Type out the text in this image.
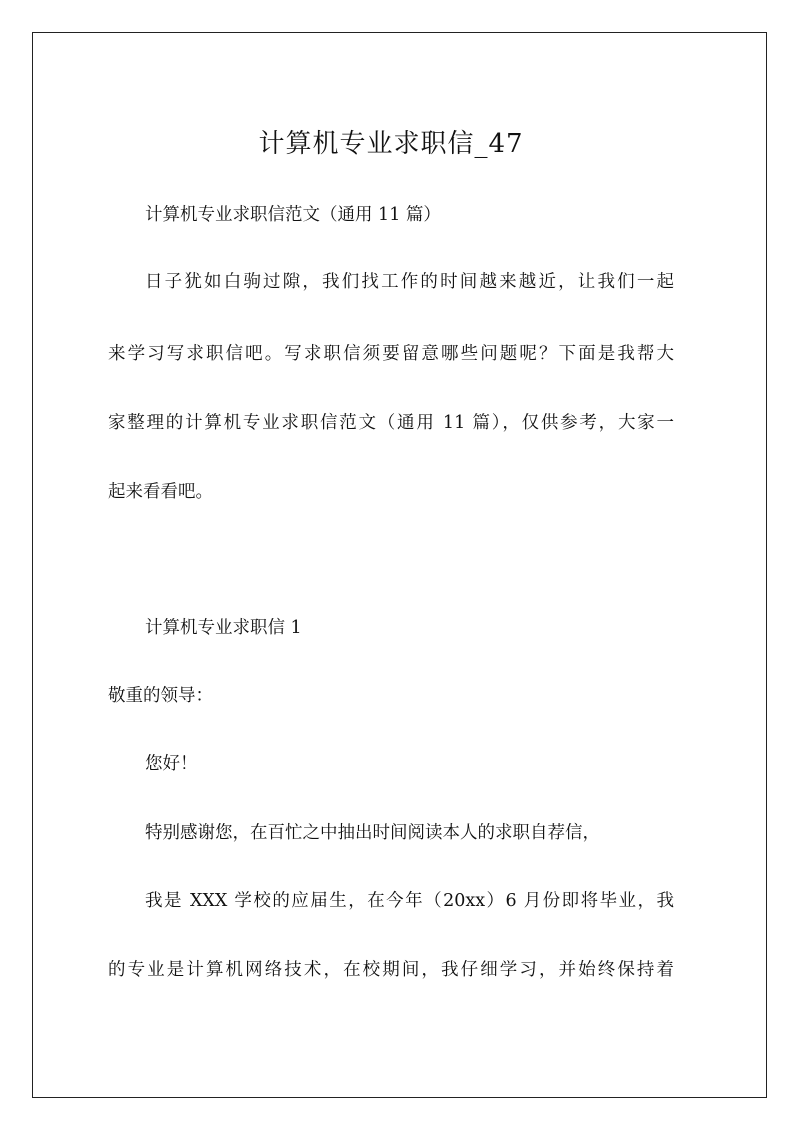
计算机专业求职信_47

计算机专业求职信范文（通用 11 篇）

日子犹如白驹过隙，我们找工作的时间越来越近，让我们一起

来学习写求职信吧。写求职信须要留意哪些问题呢？下面是我帮大

家整理的计算机专业求职信范文（通用 11 篇），仅供参考，大家一

起来看看吧。

计算机专业求职信 1

敬重的领导：

您好！

特别感谢您，在百忙之中抽出时间阅读本人的求职自荐信，

我是 XXX 学校的应届生，在今年（20xx）6 月份即将毕业，我

的专业是计算机网络技术，在校期间，我仔细学习，并始终保持着
